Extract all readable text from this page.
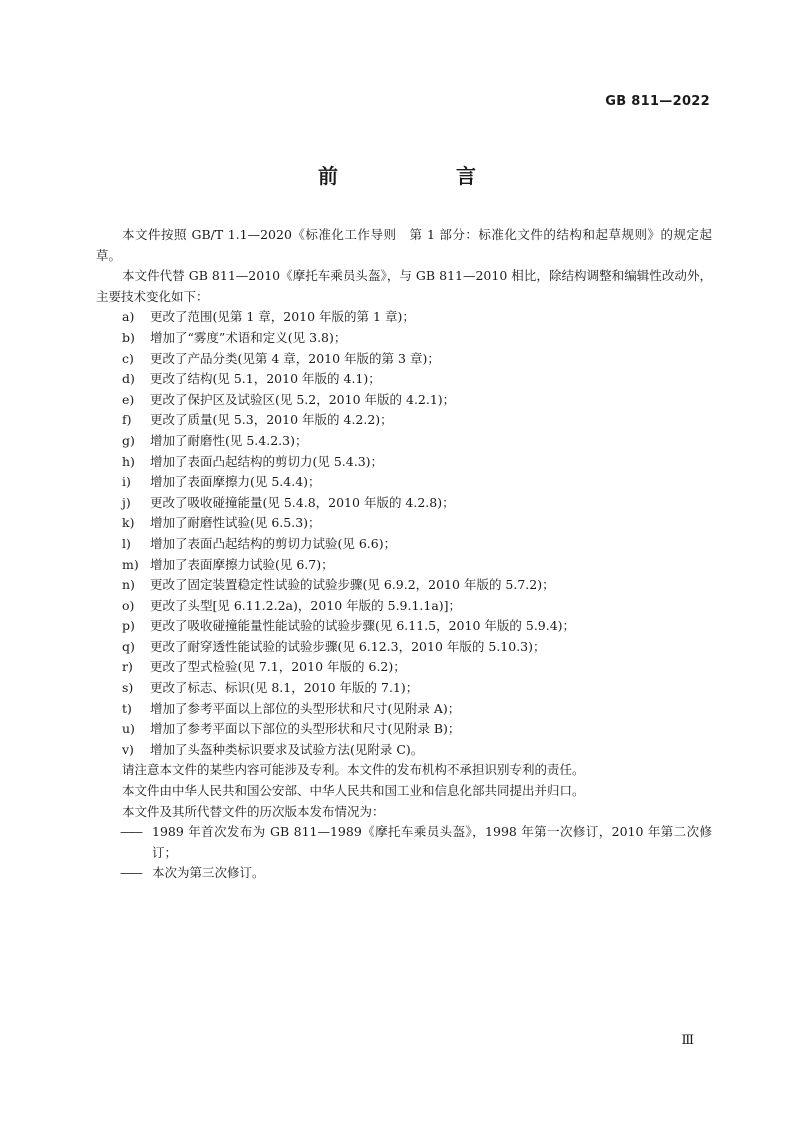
GB 811—2022
前　　言

本文件按照 GB/T 1.1—2020《标准化工作导则　第 1 部分：标准化文件的结构和起草规则》的规定起草。

本文件代替 GB 811—2010《摩托车乘员头盔》，与 GB 811—2010 相比，除结构调整和编辑性改动外，主要技术变化如下：

a)	更改了范围(见第 1 章，2010 年版的第 1 章)；
b)	增加了“雾度”术语和定义(见 3.8)；
c)	更改了产品分类(见第 4 章，2010 年版的第 3 章)；
d)	更改了结构(见 5.1，2010 年版的 4.1)；
e)	更改了保护区及试验区(见 5.2，2010 年版的 4.2.1)；
f)	更改了质量(见 5.3，2010 年版的 4.2.2)；
g)	增加了耐磨性(见 5.4.2.3)；
h)	增加了表面凸起结构的剪切力(见 5.4.3)；
i)	增加了表面摩擦力(见 5.4.4)；
j)	更改了吸收碰撞能量(见 5.4.8，2010 年版的 4.2.8)；
k)	增加了耐磨性试验(见 6.5.3)；
l)	增加了表面凸起结构的剪切力试验(见 6.6)；
m) 增加了表面摩擦力试验(见 6.7)；
n)	更改了固定装置稳定性试验的试验步骤(见 6.9.2，2010 年版的 5.7.2)；
o)	更改了头型[见 6.11.2.2a)，2010 年版的 5.9.1.1a)]；
p)	更改了吸收碰撞能量性能试验的试验步骤(见 6.11.5，2010 年版的 5.9.4)；
q)	更改了耐穿透性能试验的试验步骤(见 6.12.3，2010 年版的 5.10.3)；
r)	更改了型式检验(见 7.1，2010 年版的 6.2)；
s)	更改了标志、标识(见 8.1，2010 年版的 7.1)；
t)	增加了参考平面以上部位的头型形状和尺寸(见附录 A)；
u)	增加了参考平面以下部位的头型形状和尺寸(见附录 B)；
v)	增加了头盔种类标识要求及试验方法(见附录 C)。

请注意本文件的某些内容可能涉及专利。本文件的发布机构不承担识别专利的责任。

本文件由中华人民共和国公安部、中华人民共和国工业和信息化部共同提出并归口。

本文件及其所代替文件的历次版本发布情况为：

—— 1989 年首次发布为 GB 811—1989《摩托车乘员头盔》，1998 年第一次修订，2010 年第二次修订；
—— 本次为第三次修订。
Ⅲ
